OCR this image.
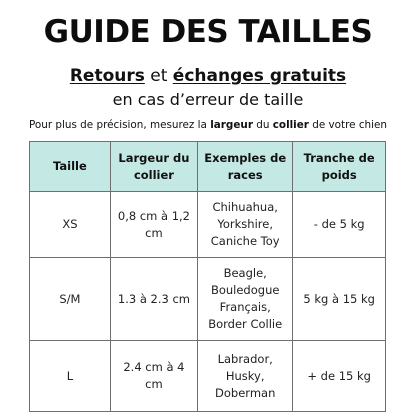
GUIDE DES TAILLES
Retours et échanges gratuits
en cas d’erreur de taille
Pour plus de précision, mesurez la largeur du collier de votre chien
Taille	Largeur du collier	Exemples de races	Tranche de poids
XS	0,8 cm à 1,2 cm	Chihuahua, Yorkshire, Caniche Toy	- de 5 kg
S/M	1.3 à 2.3 cm	Beagle, Bouledogue Français, Border Collie	5 kg à 15 kg
L	2.4 cm à 4 cm	Labrador, Husky, Doberman	+ de 15 kg
